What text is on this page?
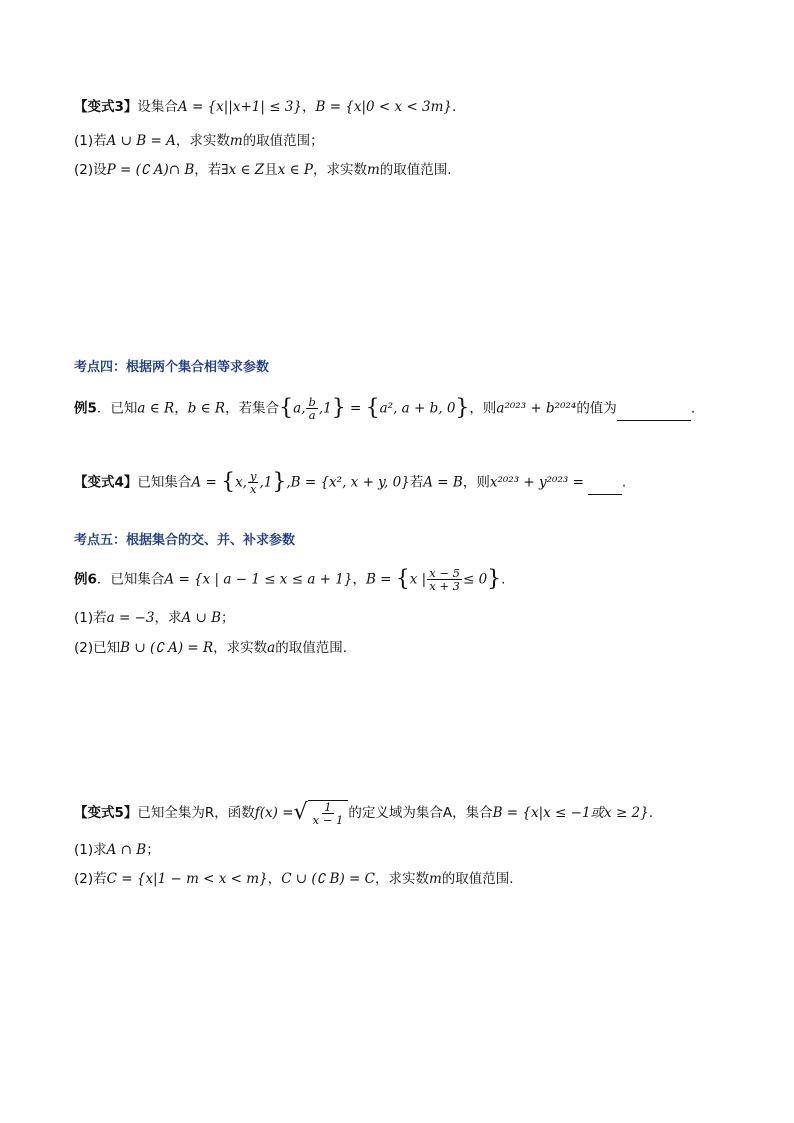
【变式3】设集合A = {x||x+1| ≤ 3}，B = {x|0 < x < 3m}.
(1)若A ∪ B = A，求实数m的取值范围；
(2)设P = (∁ A)∩ B，若∃x ∈ Z且x ∈ P，求实数m的取值范围.
考点四：根据两个集合相等求参数
例5．已知a ∈ R，b ∈ R，若集合{a, $\frac{b}{a} ,1\} = \{a^2$, a + b, 0}，则a²⁰²³ + b²⁰²⁴的值为	.
【变式4】已知集合A = {x, $\frac{y}{x} ,1\},B = \{x^2$, x + y, 0}若A = B，则x²⁰²³ + y²⁰²³ =	.
考点五：根据集合的交、并、补求参数
例6．已知集合A = {x | a − 1 ≤ x ≤ a + 1}，B = {x | $\frac{x - 5}{x + 3} \le 0$}.
(1)若a = −3，求A ∪ B；
(2)已知B ∪ (∁ A) = R，求实数a的取值范围.
【变式5】已知全集为R，函数f(x) = √ $\frac{1}{x - 1}$ 的定义域为集合A，集合B = {x|x ≤ −1或x ≥ 2}.
(1)求A ∩ B；
(2)若C = {x|1 − m < x < m}，C ∪ (∁ B) = C，求实数m的取值范围.
